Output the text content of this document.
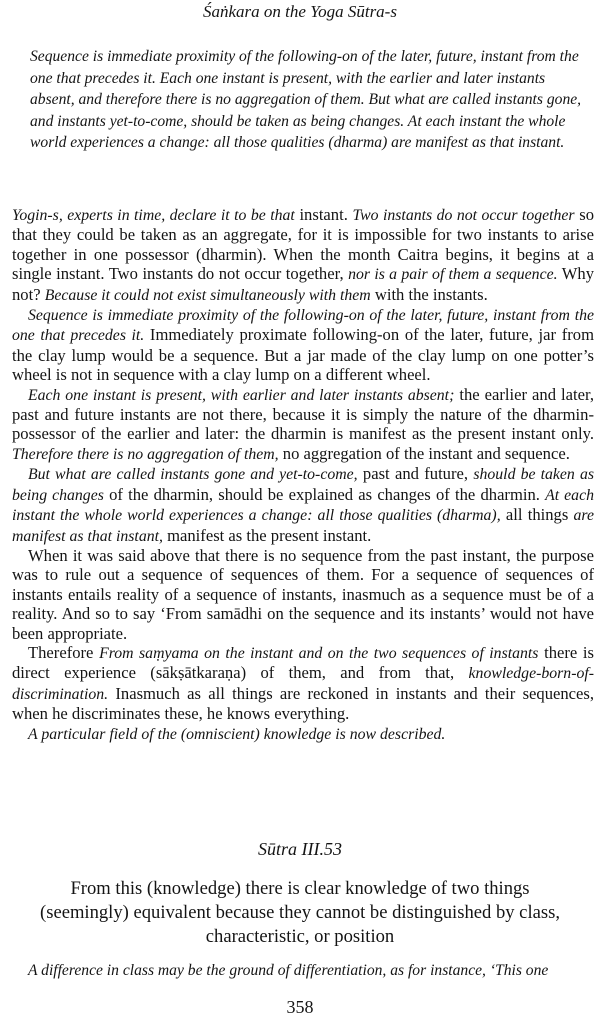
Śaṅkara on the Yoga Sūtra-s
Sequence is immediate proximity of the following-on of the later, future, instant from the one that precedes it. Each one instant is present, with the earlier and later instants absent, and therefore there is no aggregation of them. But what are called instants gone, and instants yet-to-come, should be taken as being changes. At each instant the whole world experiences a change: all those qualities (dharma) are manifest as that instant.

Yogin-s, experts in time, declare it to be that instant. Two instants do not occur together so that they could be taken as an aggregate, for it is impossible for two instants to arise together in one possessor (dharmin). When the month Caitra begins, it begins at a single instant. Two instants do not occur together, nor is a pair of them a sequence. Why not? Because it could not exist simultaneously with them with the instants.

Sequence is immediate proximity of the following-on of the later, future, instant from the one that precedes it. Immediately proximate following-on of the later, future, jar from the clay lump would be a sequence. But a jar made of the clay lump on one potter’s wheel is not in sequence with a clay lump on a different wheel.

Each one instant is present, with earlier and later instants absent; the earlier and later, past and future instants are not there, because it is simply the nature of the dharmin-possessor of the earlier and later: the dharmin is manifest as the present instant only. Therefore there is no aggregation of them, no aggregation of the instant and sequence.

But what are called instants gone and yet-to-come, past and future, should be taken as being changes of the dharmin, should be explained as changes of the dharmin. At each instant the whole world experiences a change: all those qualities (dharma), all things are manifest as that instant, manifest as the present instant.

When it was said above that there is no sequence from the past instant, the purpose was to rule out a sequence of sequences of them. For a sequence of sequences of instants entails reality of a sequence of instants, inasmuch as a sequence must be of a reality. And so to say ‘From samādhi on the sequence and its instants’ would not have been appropriate.

Therefore From saṃyama on the instant and on the two sequences of instants there is direct experience (sākṣātkaraṇa) of them, and from that, knowledge-born-of-discrimination. Inasmuch as all things are reckoned in instants and their sequences, when he discriminates these, he knows everything.

A particular field of the (omniscient) knowledge is now described.

Sūtra III.53
From this (knowledge) there is clear knowledge of two things
(seemingly) equivalent because they cannot be distinguished by class,
characteristic, or position
A difference in class may be the ground of differentiation, as for instance, ‘This one
358
